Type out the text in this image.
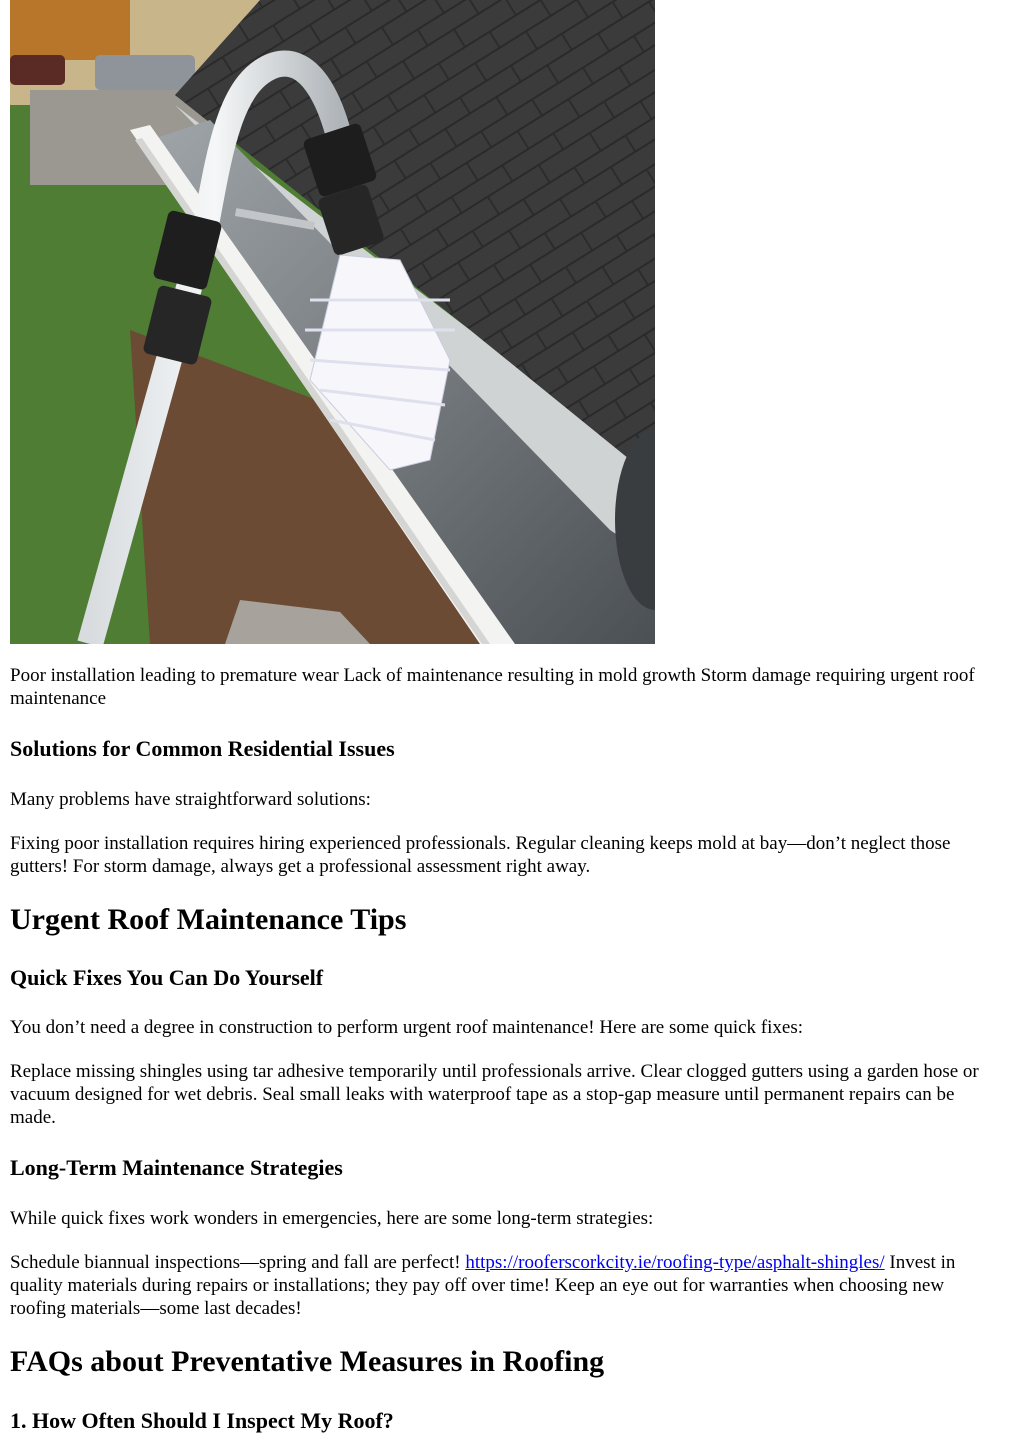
Poor installation leading to premature wear Lack of maintenance resulting in mold growth Storm damage requiring urgent roof maintenance

Solutions for Common Residential Issues

Many problems have straightforward solutions:

Fixing poor installation requires hiring experienced professionals. Regular cleaning keeps mold at bay—don’t neglect those gutters! For storm damage, always get a professional assessment right away.

Urgent Roof Maintenance Tips
Quick Fixes You Can Do Yourself

You don’t need a degree in construction to perform urgent roof maintenance! Here are some quick fixes:

Replace missing shingles using tar adhesive temporarily until professionals arrive. Clear clogged gutters using a garden hose or vacuum designed for wet debris. Seal small leaks with waterproof tape as a stop-gap measure until permanent repairs can be made.

Long-Term Maintenance Strategies

While quick fixes work wonders in emergencies, here are some long-term strategies:

Schedule biannual inspections—spring and fall are perfect! https://rooferscorkcity.ie/roofing-type/asphalt-shingles/ Invest in quality materials during repairs or installations; they pay off over time! Keep an eye out for warranties when choosing new roofing materials—some last decades!

FAQs about Preventative Measures in Roofing
1. How Often Should I Inspect My Roof?
